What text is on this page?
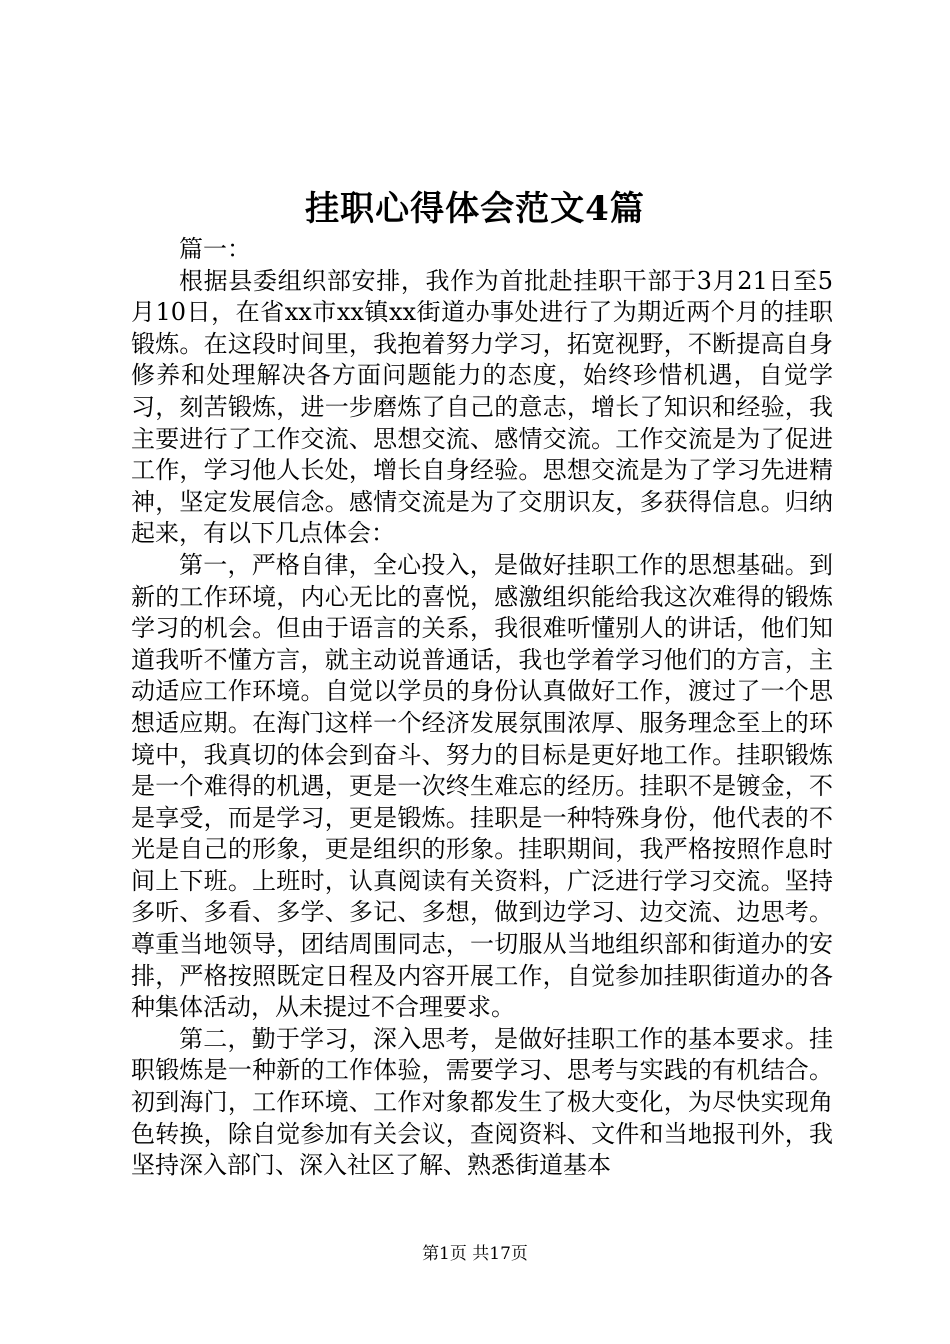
挂职心得体会范文4篇

篇一：

根据县委组织部安排，我作为首批赴挂职干部于3月21日至5月10日，在省xx市xx镇xx街道办事处进行了为期近两个月的挂职锻炼。在这段时间里，我抱着努力学习，拓宽视野，不断提高自身修养和处理解决各方面问题能力的态度，始终珍惜机遇，自觉学习，刻苦锻炼，进一步磨炼了自己的意志，增长了知识和经验，我主要进行了工作交流、思想交流、感情交流。工作交流是为了促进工作，学习他人长处，增长自身经验。思想交流是为了学习先进精神，坚定发展信念。感情交流是为了交朋识友，多获得信息。归纳起来，有以下几点体会：

第一，严格自律，全心投入，是做好挂职工作的思想基础。到新的工作环境，内心无比的喜悦，感激组织能给我这次难得的锻炼学习的机会。但由于语言的关系，我很难听懂别人的讲话，他们知道我听不懂方言，就主动说普通话，我也学着学习他们的方言，主动适应工作环境。自觉以学员的身份认真做好工作，渡过了一个思想适应期。在海门这样一个经济发展氛围浓厚、服务理念至上的环境中，我真切的体会到奋斗、努力的目标是更好地工作。挂职锻炼是一个难得的机遇，更是一次终生难忘的经历。挂职不是镀金，不是享受，而是学习，更是锻炼。挂职是一种特殊身份，他代表的不光是自己的形象，更是组织的形象。挂职期间，我严格按照作息时间上下班。上班时，认真阅读有关资料，广泛进行学习交流。坚持多听、多看、多学、多记、多想，做到边学习、边交流、边思考。尊重当地领导，团结周围同志，一切服从当地组织部和街道办的安排，严格按照既定日程及内容开展工作，自觉参加挂职街道办的各种集体活动，从未提过不合理要求。

第二，勤于学习，深入思考，是做好挂职工作的基本要求。挂职锻炼是一种新的工作体验，需要学习、思考与实践的有机结合。初到海门，工作环境、工作对象都发生了极大变化，为尽快实现角色转换，除自觉参加有关会议，查阅资料、文件和当地报刊外，我坚持深入部门、深入社区了解、熟悉街道基本

第1页 共17页
